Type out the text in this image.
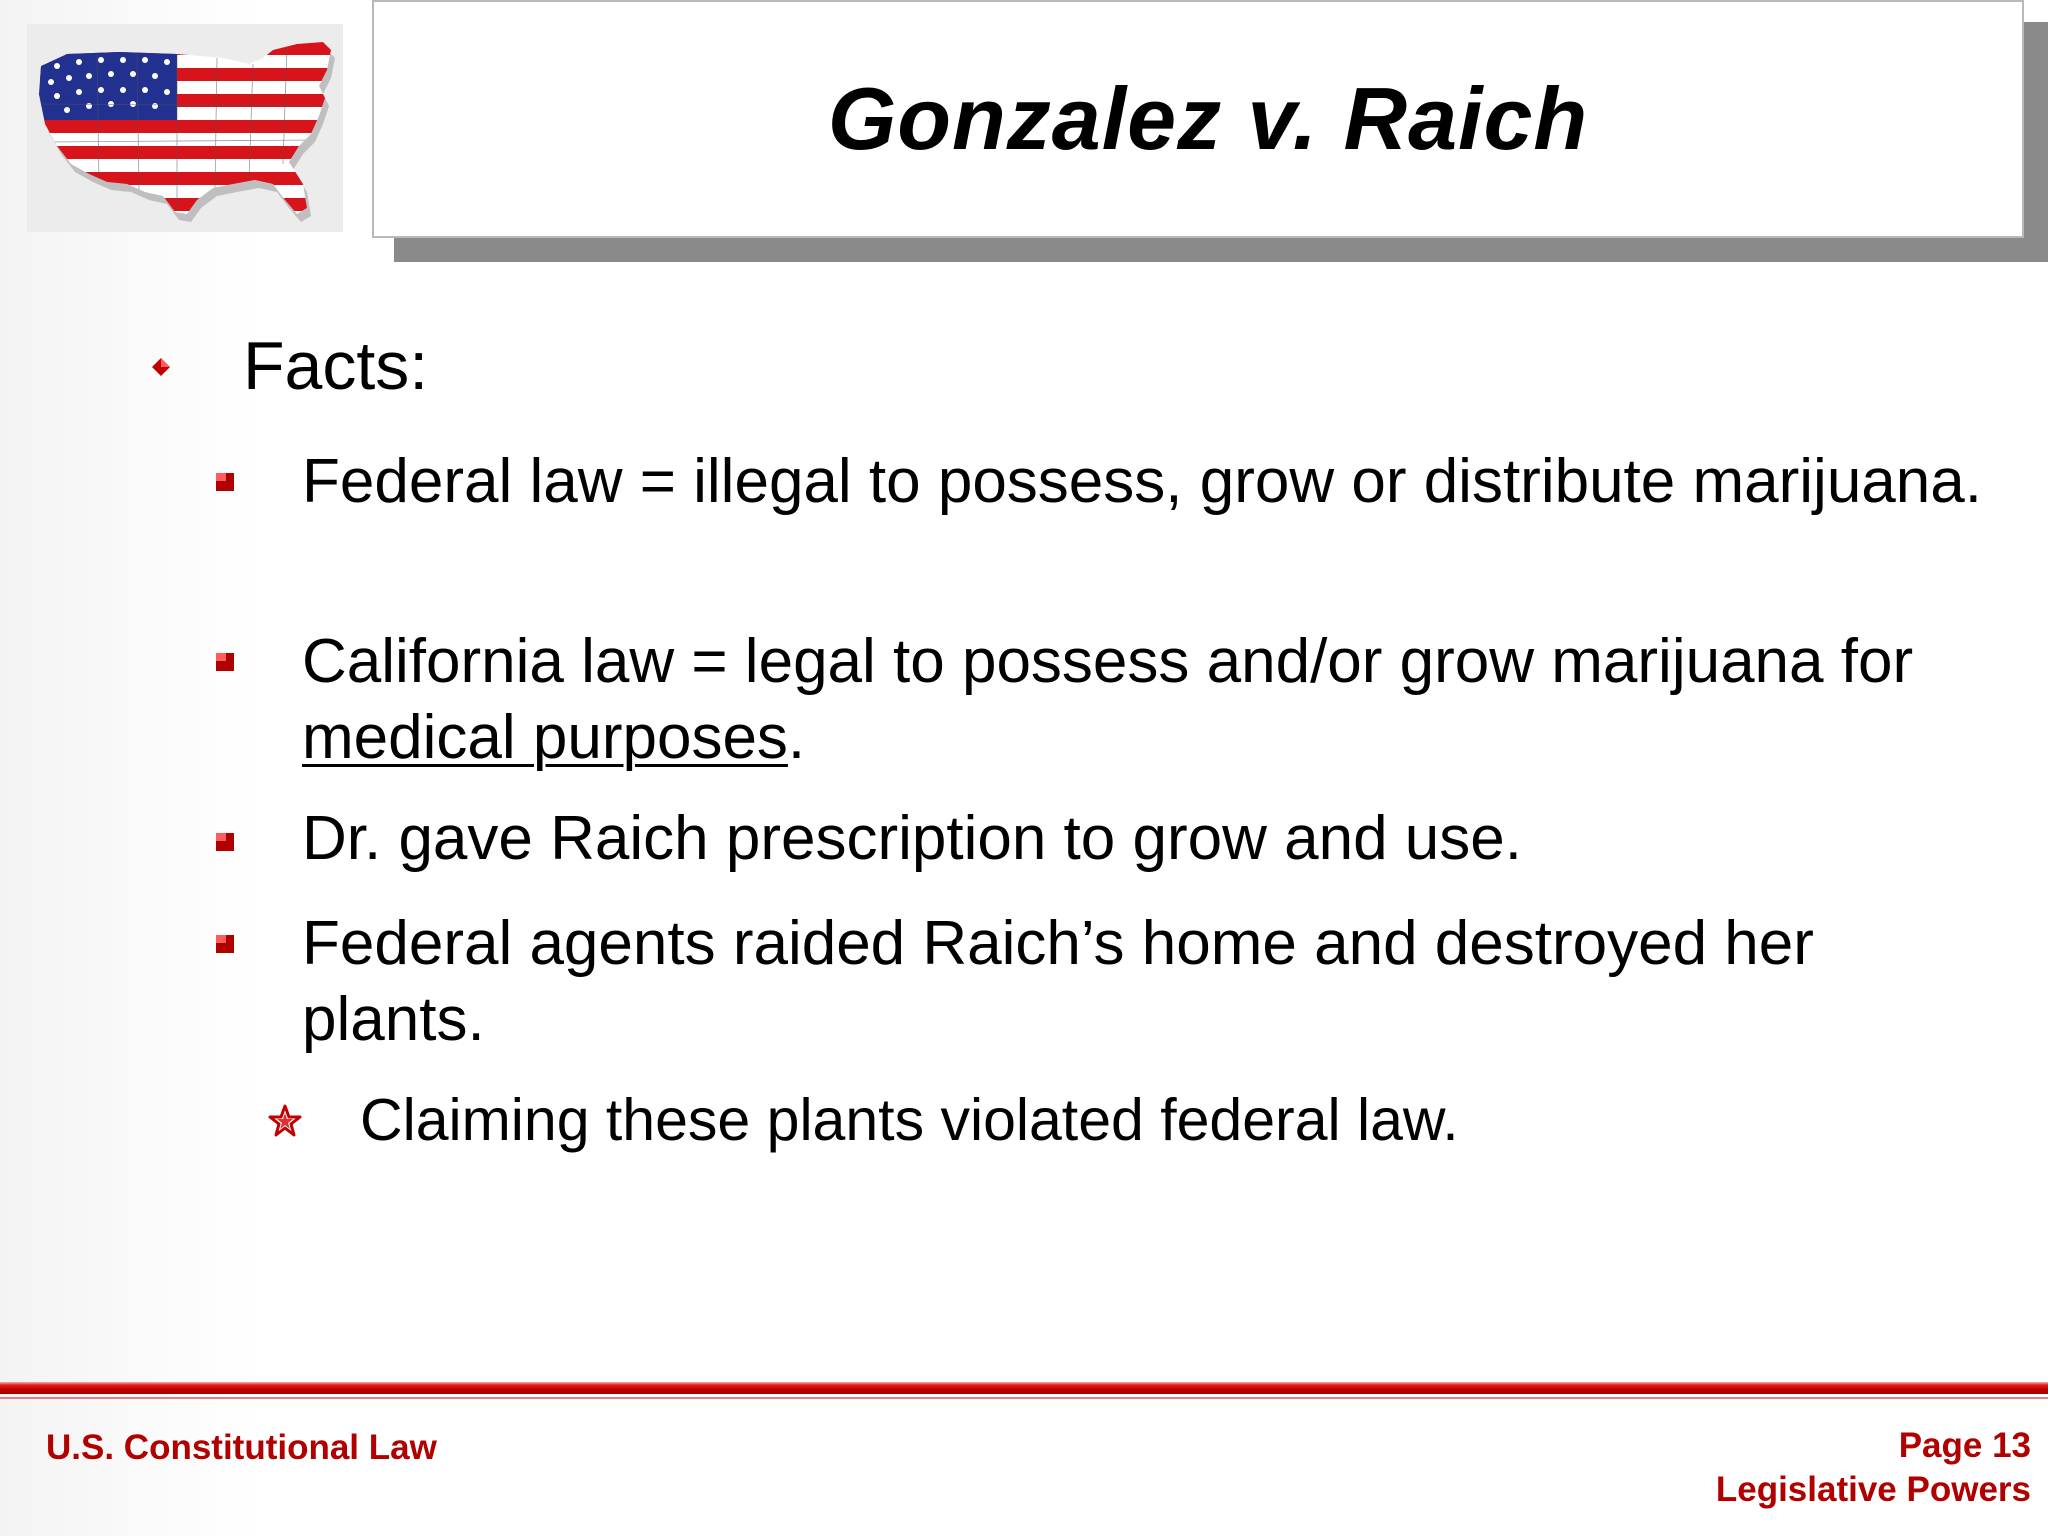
Gonzalez v. Raich
Facts:
Federal law = illegal to possess, grow or distribute marijuana.
California law = legal to possess and/or grow marijuana for medical purposes.
Dr. gave Raich prescription to grow and use.
Federal agents raided Raich’s home and destroyed her plants.
Claiming these plants violated federal law.
U.S. Constitutional Law	Page 13
Legislative Powers
